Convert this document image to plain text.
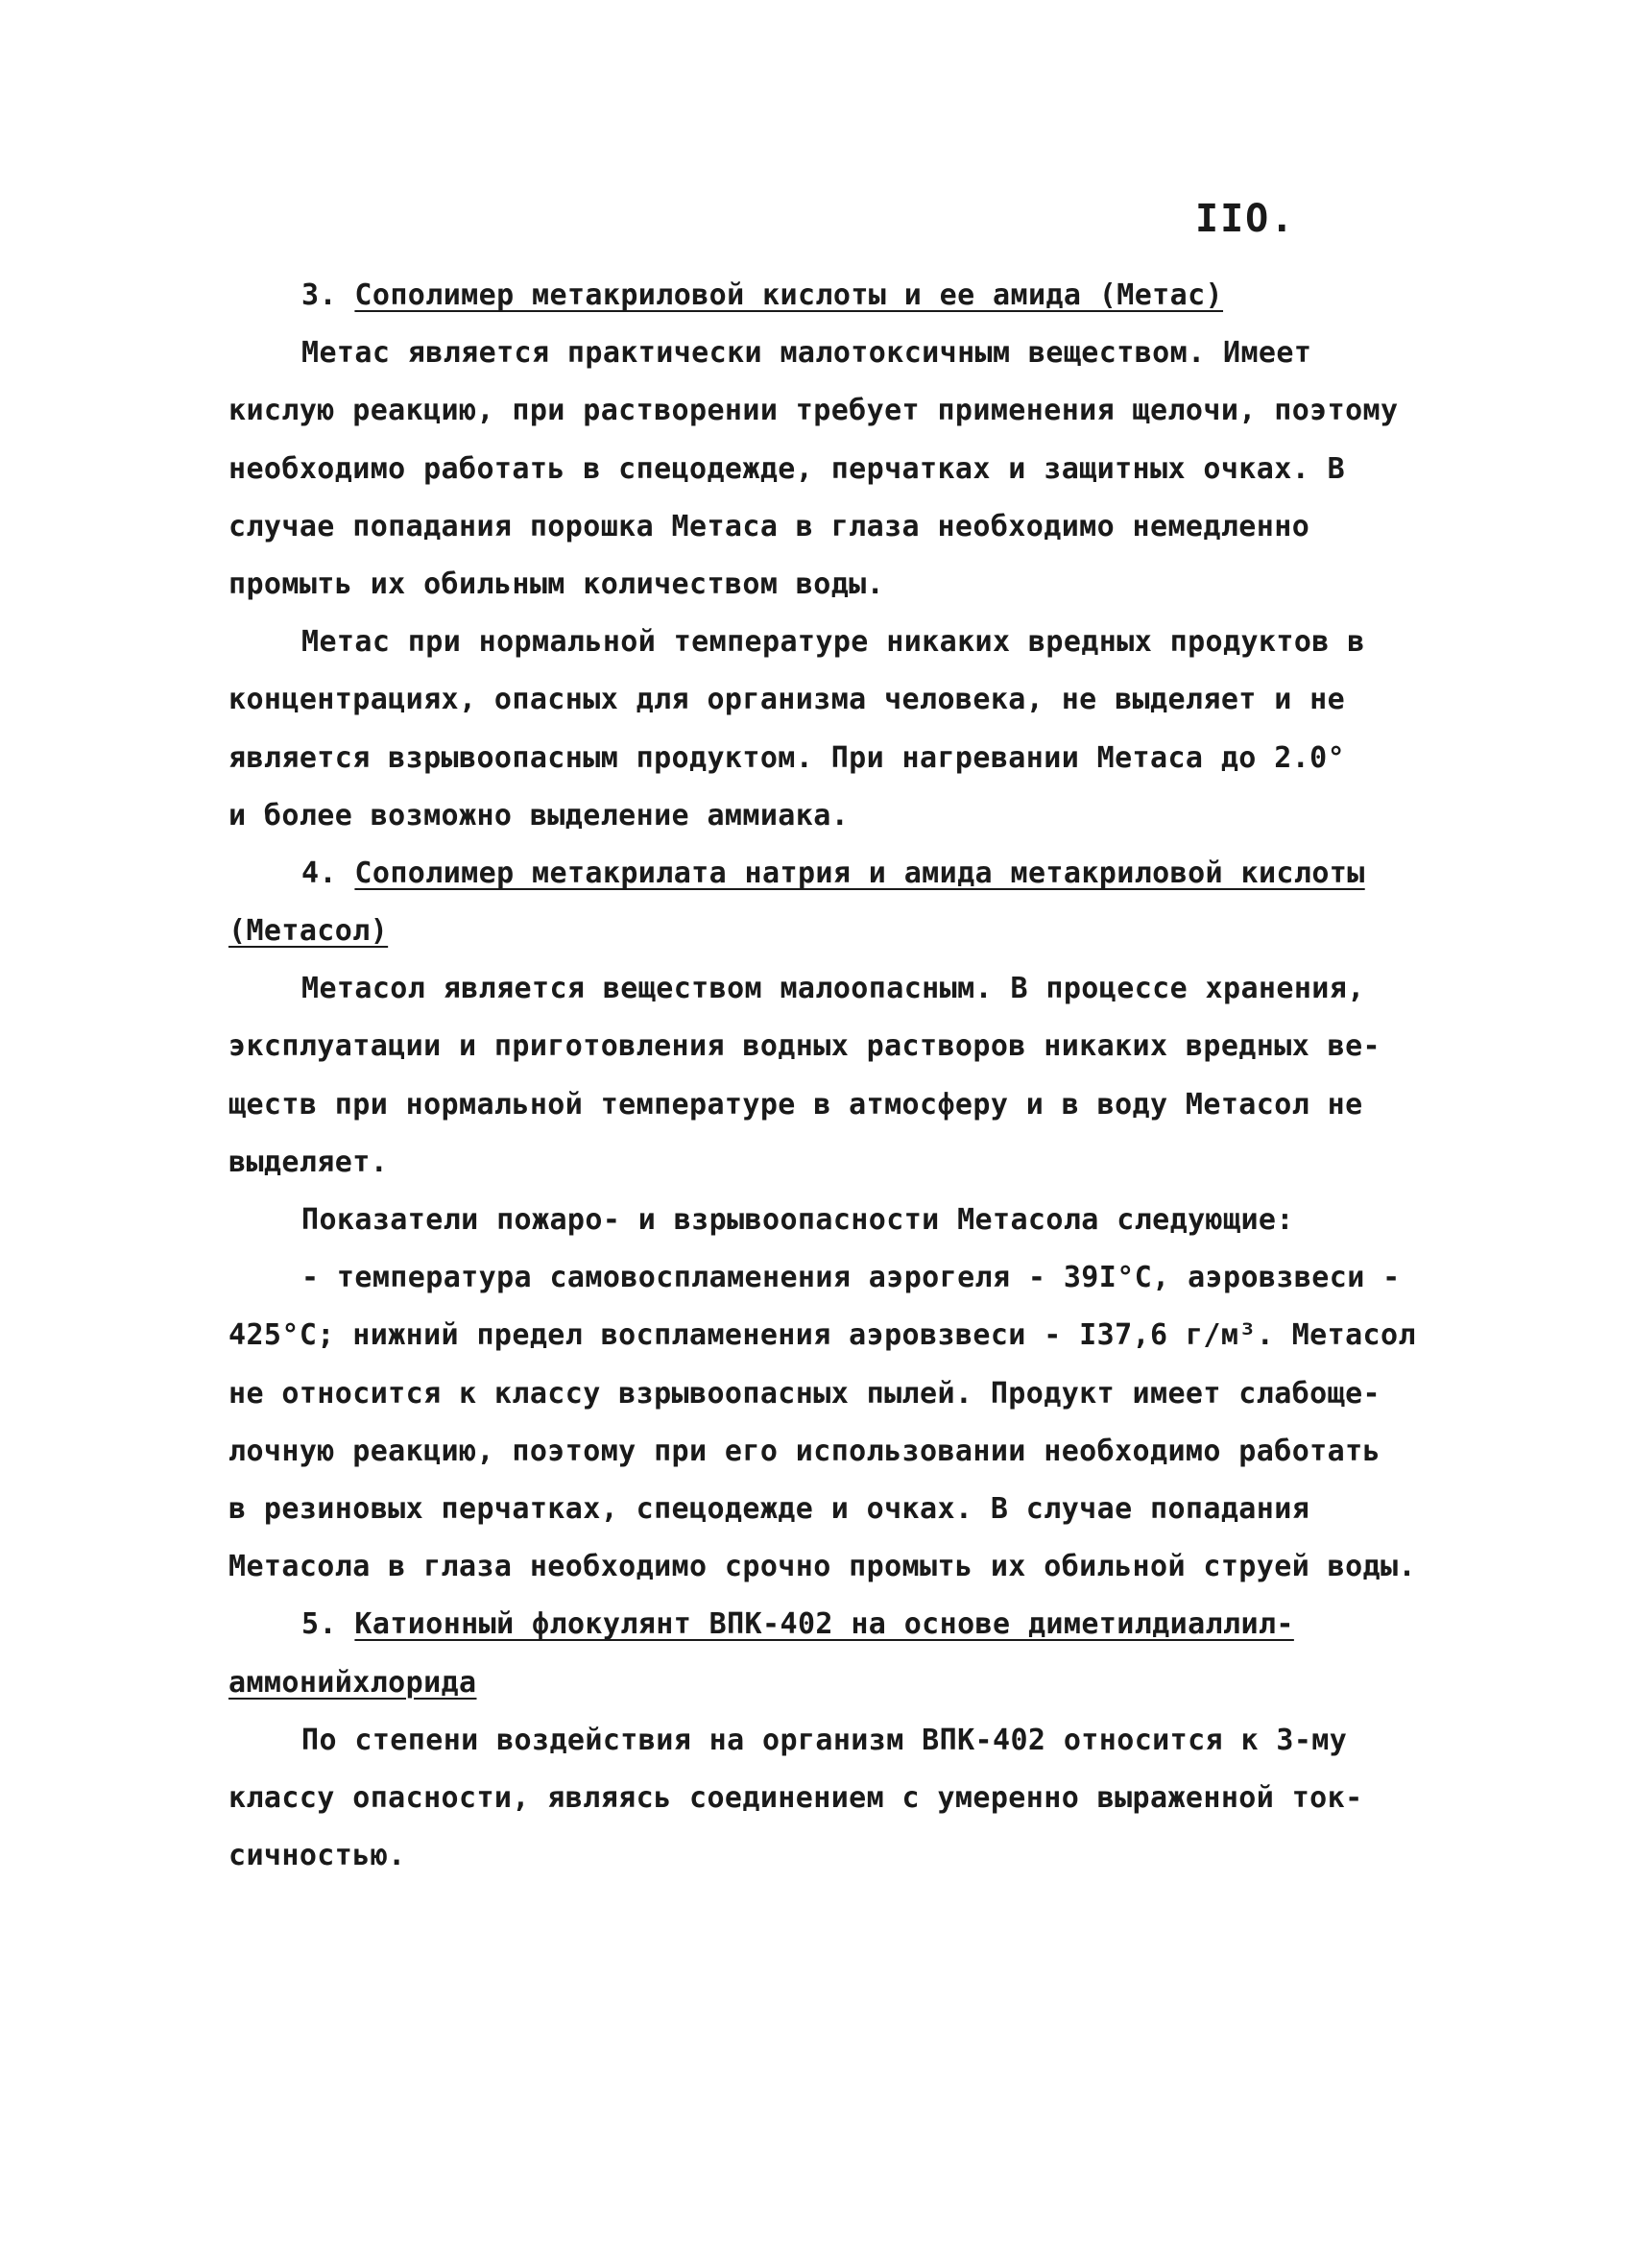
IIO.
3. Сополимер метакриловой кислоты и ее амида (Метас)
Метас является практически малотоксичным веществом. Имеет
кислую реакцию, при растворении требует применения щелочи, поэтому
необходимо работать в спецодежде, перчатках и защитных очках. В
случае попадания порошка Метаса в глаза необходимо немедленно
промыть их обильным количеством воды.
Метас при нормальной температуре никаких вредных продуктов в
концентрациях, опасных для организма человека, не выделяет и не
является взрывоопасным продуктом. При нагревании Метаса до 2.0°
и более возможно выделение аммиака.
4. Сополимер метакрилата натрия и амида метакриловой кислоты
(Метасол)
Метасол является веществом малоопасным. В процессе хранения,
эксплуатации и приготовления водных растворов никаких вредных ве-
ществ при нормальной температуре в атмосферу и в воду Метасол не
выделяет.
Показатели пожаро- и взрывоопасности Метасола следующие:
- температура самовоспламенения аэрогеля - 39I°С, аэровзвеси -
425°С; нижний предел воспламенения аэровзвеси - I37,6 г/м³. Метасол
не относится к классу взрывоопасных пылей. Продукт имеет слабоще-
лочную реакцию, поэтому при его использовании необходимо работать
в резиновых перчатках, спецодежде и очках. В случае попадания
Метасола в глаза необходимо срочно промыть их обильной струей воды.
5. Катионный флокулянт ВПК-402 на основе диметилдиаллил-
аммонийхлорида
По степени воздействия на организм ВПК-402 относится к 3-му
классу опасности, являясь соединением с умеренно выраженной ток-
сичностью.
